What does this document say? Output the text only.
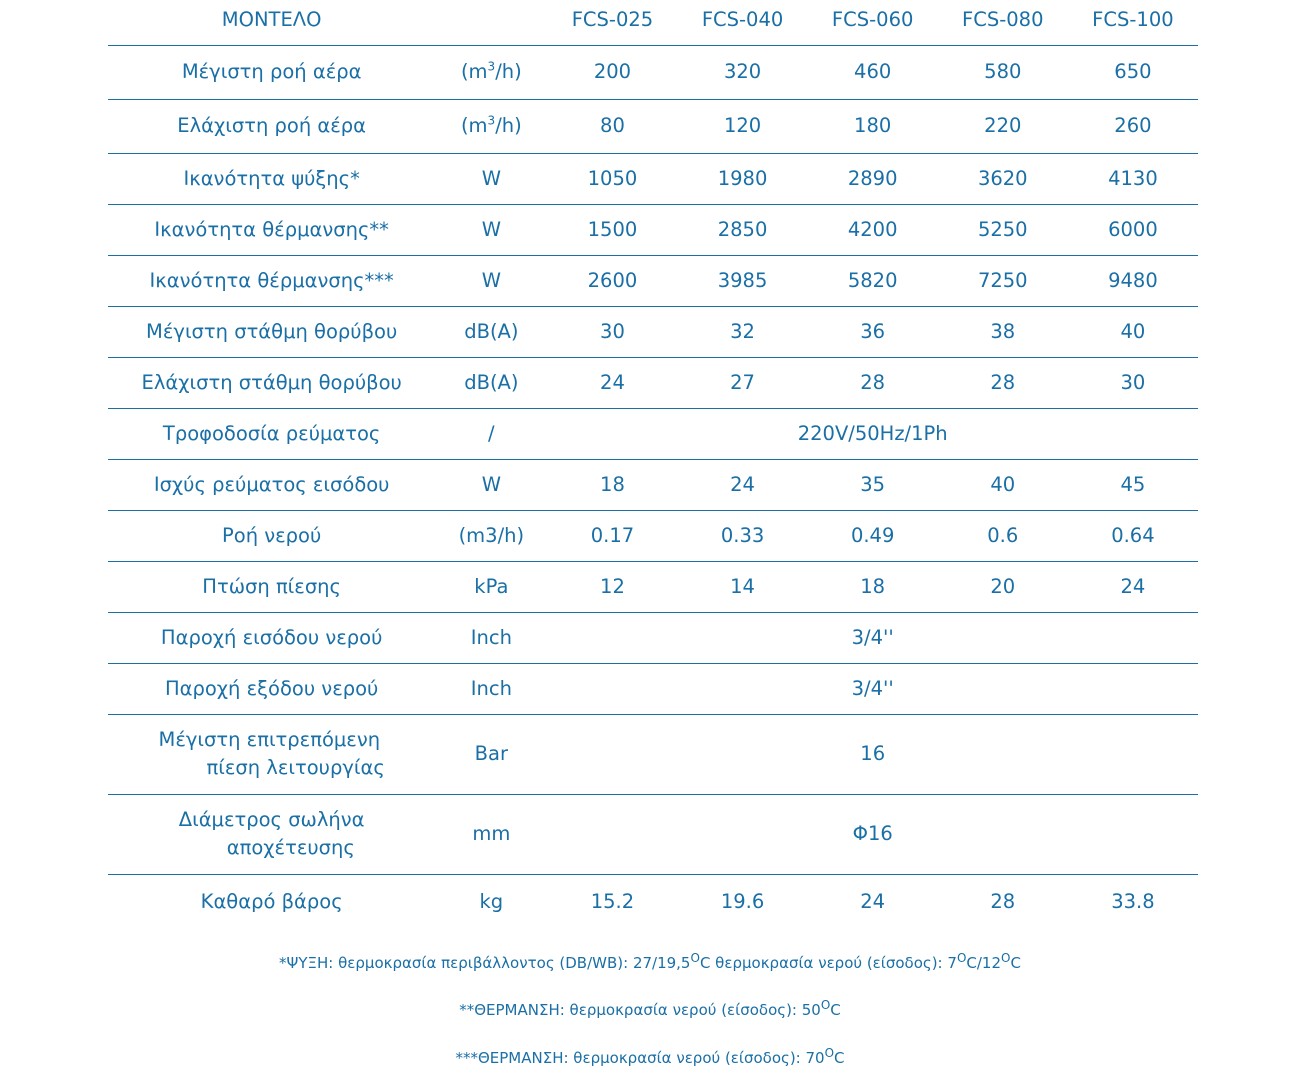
ΜΟΝΤΕΛΟ		FCS-025	FCS-040	FCS-060	FCS-080	FCS-100
Μέγιστη ροή αέρα	$(m^3/h)$	200	320	460	580	650
Ελάχιστη ροή αέρα	$(m^3/h)$	80	120	180	220	260
Ικανότητα ψύξης*	W	1050	1980	2890	3620	4130
Ικανότητα θέρμανσης**	W	1500	2850	4200	5250	6000
Ικανότητα θέρμανσης***	W	2600	3985	5820	7250	9480
Μέγιστη στάθμη θορύβου	dB(A)	30	32	36	38	40
Ελάχιστη στάθμη θορύβου	dB(A)	24	27	28	28	30
Τροφοδοσία ρεύματος	/	220V/50Hz/1Ph				
Ισχύς ρεύματος εισόδου	W	18	24	35	40	45
Ροή νερού	(m3/h)	0.17	0.33	0.49	0.6	0.64
Πτώση πίεσης	kPa	12	14	18	20	24
Παροχή εισόδου νερού	Inch	3/4''				
Παροχή εξόδου νερού	Inch	3/4''				
Μέγιστη επιτρεπόμενη
πίεση λειτουργίας	Bar	16				
Διάμετρος σωλήνα
αποχέτευσης	mm	Φ16				
Καθαρό βάρος	kg	15.2	19.6	24	28	33.8
*ΨΥΞΗ: θερμοκρασία περιβάλλοντος (DB/WB): $27/19,5^OC$ θερμοκρασία νερού (είσοδος): $7^OC/12^OC$
**ΘΕΡΜΑΝΣΗ: θερμοκρασία νερού (είσοδος): $50^OC$
***ΘΕΡΜΑΝΣΗ: θερμοκρασία νερού (είσοδος): $70^OC$
